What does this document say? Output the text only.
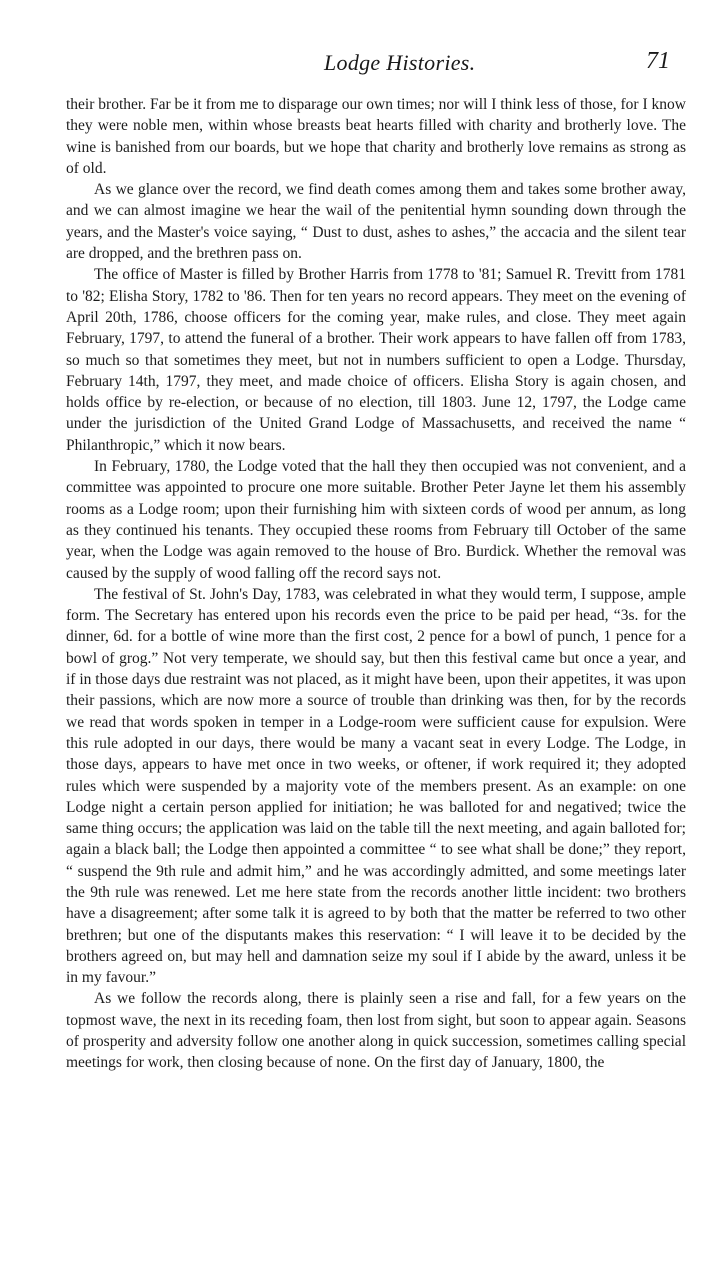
Lodge Histories.	71

their brother. Far be it from me to disparage our own times; nor will I think less of those, for I know they were noble men, within whose breasts beat hearts filled with charity and brotherly love. The wine is banished from our boards, but we hope that charity and brotherly love remains as strong as of old.

As we glance over the record, we find death comes among them and takes some brother away, and we can almost imagine we hear the wail of the penitential hymn sounding down through the years, and the Master's voice saying, “ Dust to dust, ashes to ashes,” the accacia and the silent tear are dropped, and the brethren pass on.

The office of Master is filled by Brother Harris from 1778 to '81; Samuel R. Trevitt from 1781 to '82; Elisha Story, 1782 to '86. Then for ten years no record appears. They meet on the evening of April 20th, 1786, choose officers for the coming year, make rules, and close. They meet again February, 1797, to attend the funeral of a brother. Their work appears to have fallen off from 1783, so much so that sometimes they meet, but not in numbers sufficient to open a Lodge. Thursday, February 14th, 1797, they meet, and made choice of officers. Elisha Story is again chosen, and holds office by re-election, or because of no election, till 1803. June 12, 1797, the Lodge came under the jurisdiction of the United Grand Lodge of Massachusetts, and received the name “ Philanthropic,” which it now bears.

In February, 1780, the Lodge voted that the hall they then occupied was not convenient, and a committee was appointed to procure one more suitable. Brother Peter Jayne let them his assembly rooms as a Lodge room; upon their furnishing him with sixteen cords of wood per annum, as long as they continued his tenants. They occupied these rooms from February till October of the same year, when the Lodge was again removed to the house of Bro. Burdick. Whether the removal was caused by the supply of wood falling off the record says not.

The festival of St. John's Day, 1783, was celebrated in what they would term, I suppose, ample form. The Secretary has entered upon his records even the price to be paid per head, “3s. for the dinner, 6d. for a bottle of wine more than the first cost, 2 pence for a bowl of punch, 1 pence for a bowl of grog.” Not very temperate, we should say, but then this festival came but once a year, and if in those days due restraint was not placed, as it might have been, upon their appetites, it was upon their passions, which are now more a source of trouble than drinking was then, for by the records we read that words spoken in temper in a Lodge-room were sufficient cause for expulsion. Were this rule adopted in our days, there would be many a vacant seat in every Lodge. The Lodge, in those days, appears to have met once in two weeks, or oftener, if work required it; they adopted rules which were suspended by a majority vote of the members present. As an example: on one Lodge night a certain person applied for initiation; he was balloted for and negatived; twice the same thing occurs; the application was laid on the table till the next meeting, and again balloted for; again a black ball; the Lodge then appointed a committee “ to see what shall be done;” they report, “ suspend the 9th rule and admit him,” and he was accordingly admitted, and some meetings later the 9th rule was renewed. Let me here state from the records another little incident: two brothers have a disagreement; after some talk it is agreed to by both that the matter be referred to two other brethren; but one of the disputants makes this reservation: “ I will leave it to be decided by the brothers agreed on, but may hell and damnation seize my soul if I abide by the award, unless it be in my favour.”

As we follow the records along, there is plainly seen a rise and fall, for a few years on the topmost wave, the next in its receding foam, then lost from sight, but soon to appear again. Seasons of prosperity and adversity follow one another along in quick succession, sometimes calling special meetings for work, then closing because of none. On the first day of January, 1800, the
